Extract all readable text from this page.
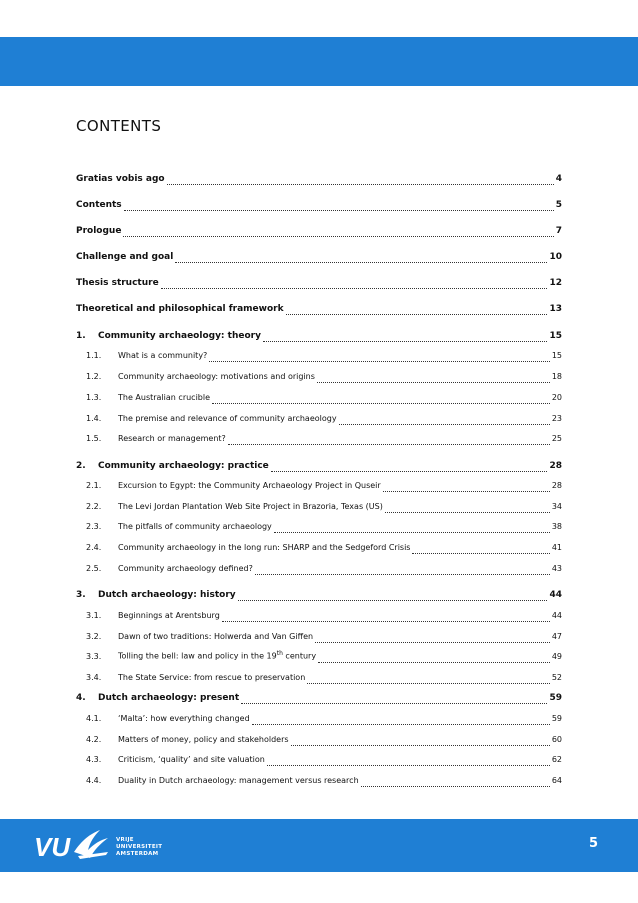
CONTENTS
Gratias vobis ago	4
Contents	5
Prologue	7
Challenge and goal	10
Thesis structure	12
Theoretical and philosophical framework	13
1.	Community archaeology: theory	15
1.1.	What is a community?	15
1.2.	Community archaeology: motivations and origins	18
1.3.	The Australian crucible	20
1.4.	The premise and relevance of community archaeology	23
1.5.	Research or management?	25
2.	Community archaeology: practice	28
2.1.	Excursion to Egypt: the Community Archaeology Project in Quseir	28
2.2.	The Levi Jordan Plantation Web Site Project in Brazoria, Texas (US)	34
2.3.	The pitfalls of community archaeology	38
2.4.	Community archaeology in the long run: SHARP and the Sedgeford Crisis	41
2.5.	Community archaeology defined?	43
3.	Dutch archaeology: history	44
3.1.	Beginnings at Arentsburg	44
3.2.	Dawn of two traditions: Holwerda and Van Giffen	47
3.3.	Tolling the bell: law and policy in the 19th century	49
3.4.	The State Service: from rescue to preservation	52
4.	Dutch archaeology: present	59
4.1.	‘Malta’: how everything changed	59
4.2.	Matters of money, policy and stakeholders	60
4.3.	Criticism, ‘quality’ and site valuation	62
4.4.	Duality in Dutch archaeology: management versus research	64
VU	VRIJE
UNIVERSITEIT
AMSTERDAM
5
